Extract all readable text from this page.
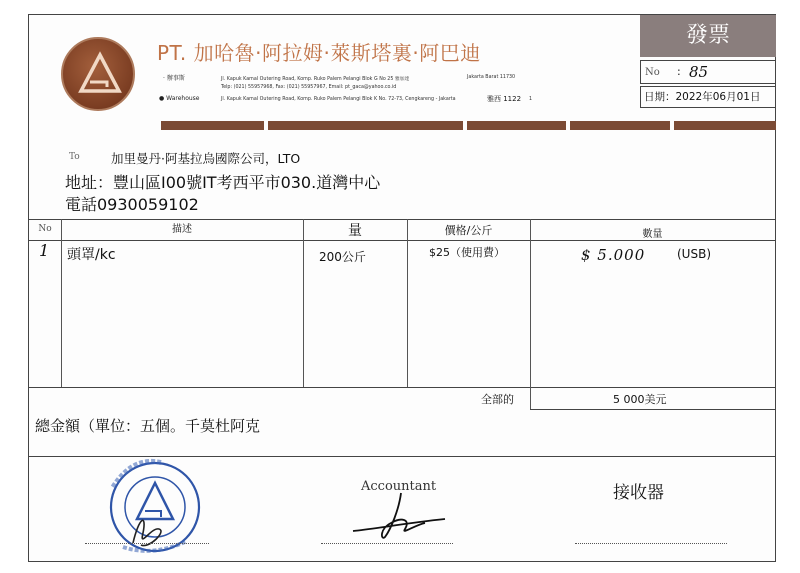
PT. 加哈魯·阿拉姆·萊斯塔裏·阿巴迪
· 辦事斯	Jl. Kapuk Kamal Outering Road, Komp. Ruko Palem Pelangi Blok G No 25 雅加達	Jakarta Barat 11730
Telp: (021) 55957968, Fax: (021) 55957967, Email: pt_gaca@yahoo.co.id
● Warehouse	Jl. Kapuk Kamal Outering Road, Komp. Ruko Palem Pelangi Blok K No. 72-73, Cengkareng - Jakarta	雅西 1122 1
發票
No : 85
日期：2022年06月01日
To	加里曼丹·阿基拉烏國際公司，LTO
地址：豐山區I00號IT考西平市030.道灣中心
電話0930059102
No	描述	量	價格/公斤	數量
1 頭罩/kc	200公斤	$25（使用費）	$ 5.000	(USB)
全部的	5 000美元
總金額（單位：五個。千莫杜阿克
Accountant	接收器
